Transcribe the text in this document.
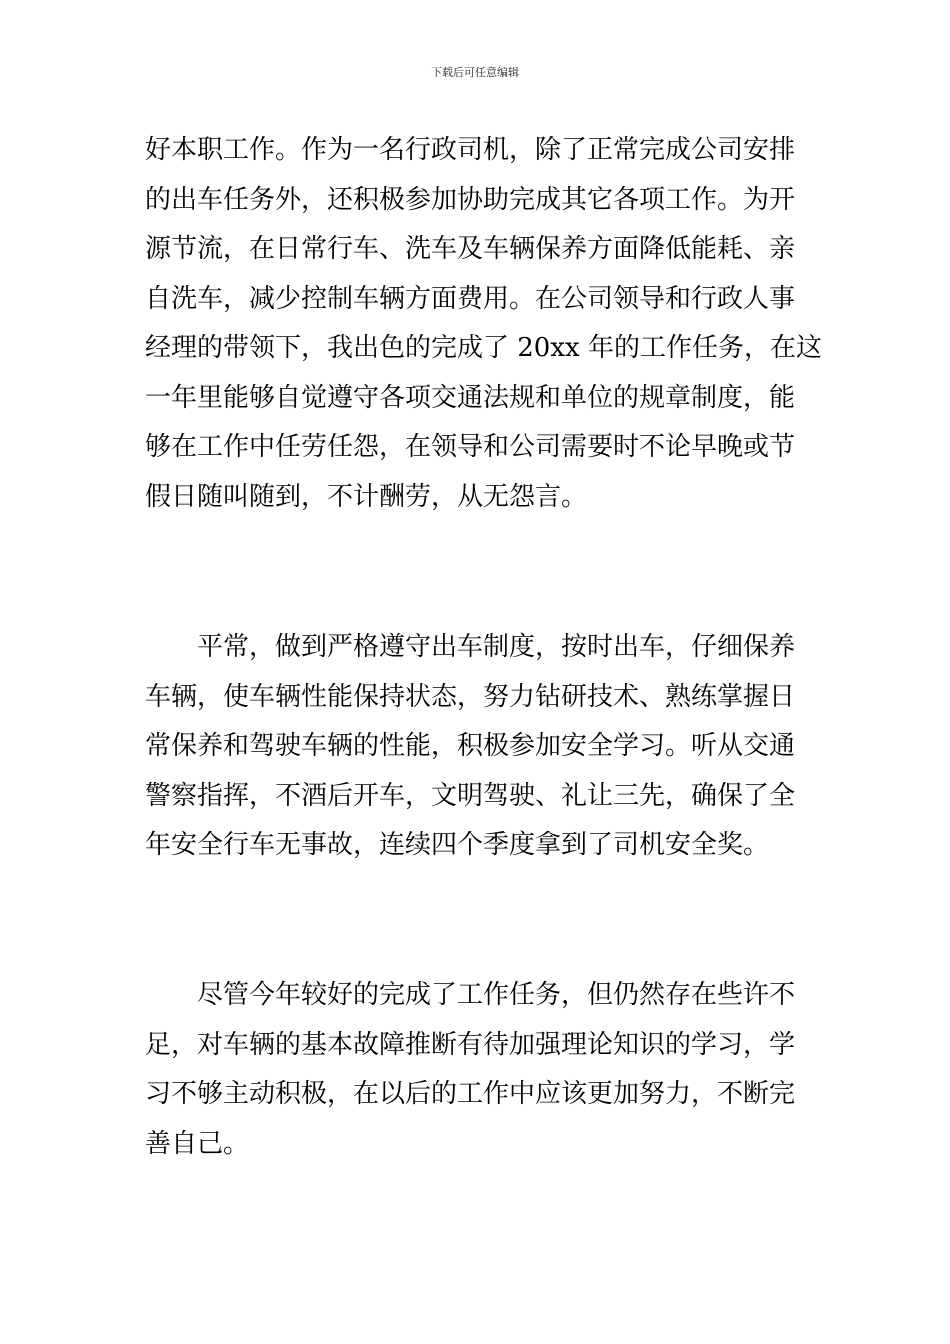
下载后可任意编辑
好本职工作。作为一名行政司机，除了正常完成公司安排
的出车任务外，还积极参加协助完成其它各项工作。为开
源节流，在日常行车、洗车及车辆保养方面降低能耗、亲
自洗车，减少控制车辆方面费用。在公司领导和行政人事
经理的带领下，我出色的完成了 20xx 年的工作任务，在这
一年里能够自觉遵守各项交通法规和单位的规章制度，能
够在工作中任劳任怨，在领导和公司需要时不论早晚或节
假日随叫随到，不计酬劳，从无怨言。
　　平常，做到严格遵守出车制度，按时出车，仔细保养
车辆，使车辆性能保持状态，努力钻研技术、熟练掌握日
常保养和驾驶车辆的性能，积极参加安全学习。听从交通
警察指挥，不酒后开车，文明驾驶、礼让三先，确保了全
年安全行车无事故，连续四个季度拿到了司机安全奖。
　　尽管今年较好的完成了工作任务，但仍然存在些许不
足，对车辆的基本故障推断有待加强理论知识的学习，学
习不够主动积极，在以后的工作中应该更加努力，不断完
善自己。
